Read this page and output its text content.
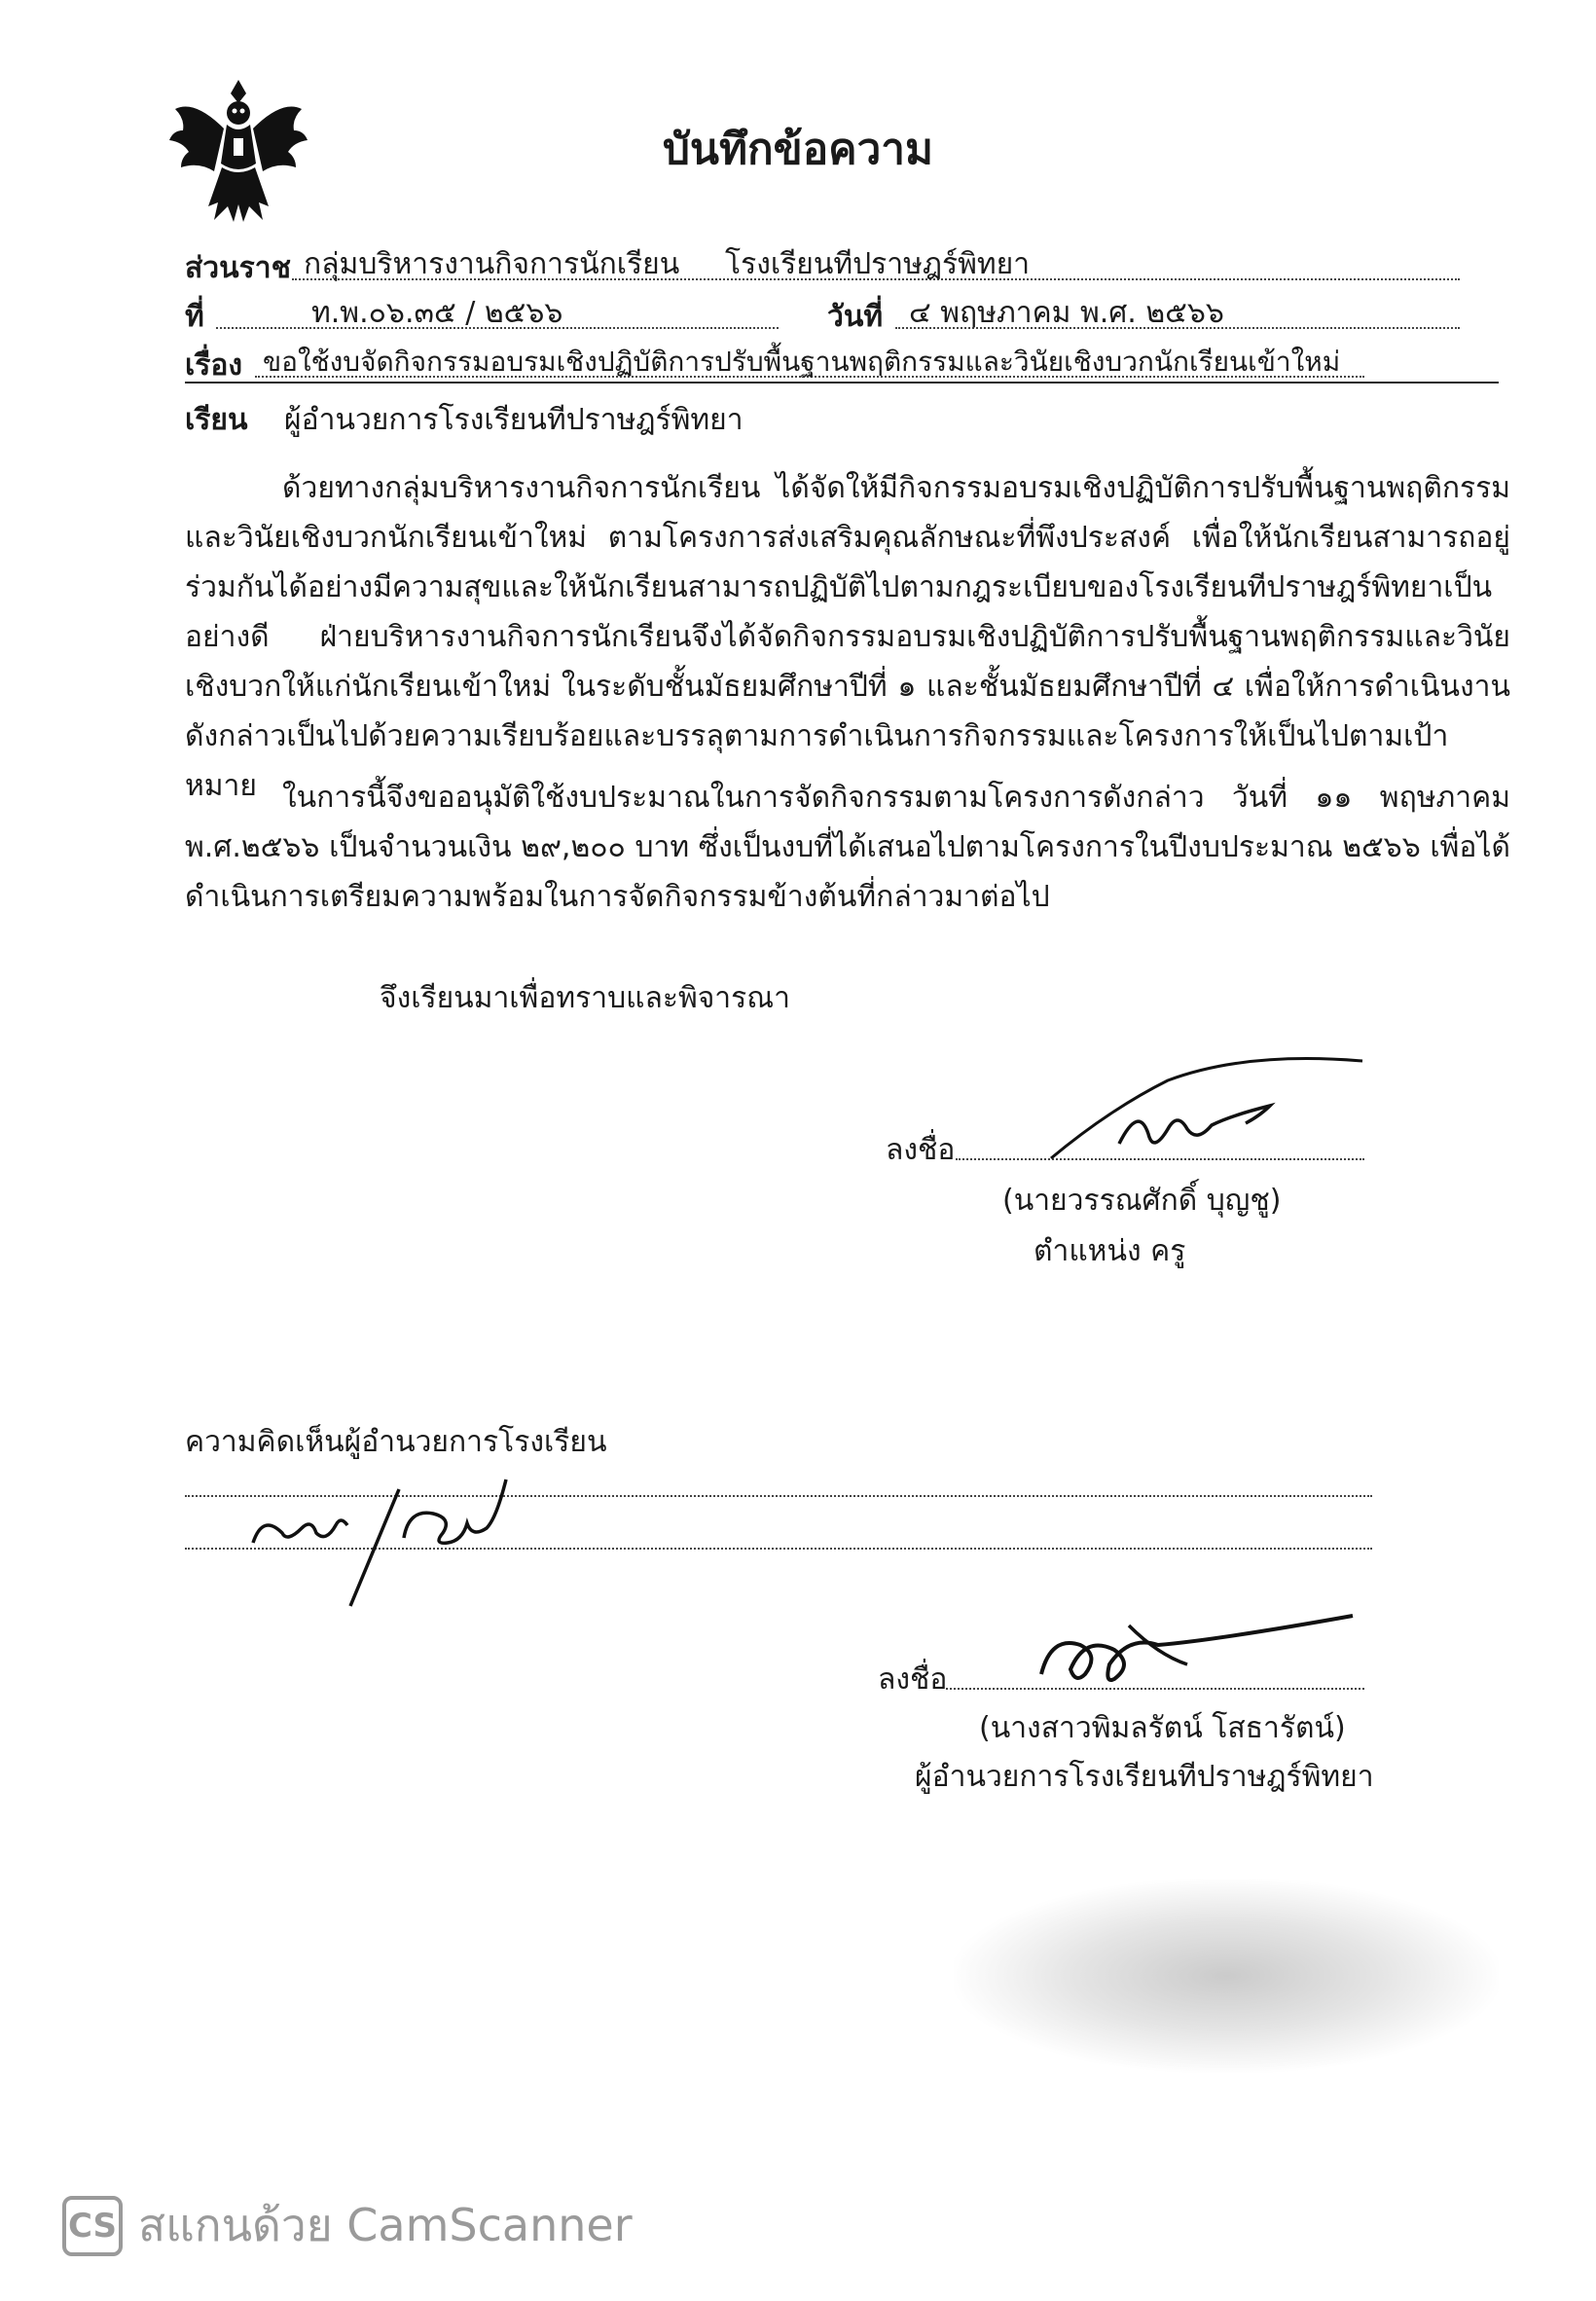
บันทึกข้อความ
ส่วนราช กลุ่มบริหารงานกิจการนักเรียน โรงเรียนทีปราษฎร์พิทยา
ที่	ท.พ.๐๖.๓๕ / ๒๕๖๖	วันที่ ๔ พฤษภาคม พ.ศ. ๒๕๖๖
เรื่อง ขอใช้งบจัดกิจกรรมอบรมเชิงปฏิบัติการปรับพื้นฐานพฤติกรรมและวินัยเชิงบวกนักเรียนเข้าใหม่
เรียน ผู้อำนวยการโรงเรียนทีปราษฎร์พิทยา
ด้วยทางกลุ่มบริหารงานกิจการนักเรียน ได้จัดให้มีกิจกรรมอบรมเชิงปฏิบัติการปรับพื้นฐานพฤติกรรมและวินัยเชิงบวกนักเรียนเข้าใหม่ ตามโครงการส่งเสริมคุณลักษณะที่พึงประสงค์ เพื่อให้นักเรียนสามารถอยู่ร่วมกันได้อย่างมีความสุขและให้นักเรียนสามารถปฏิบัติไปตามกฎระเบียบของโรงเรียนทีปราษฎร์พิทยาเป็นอย่างดี ฝ่ายบริหารงานกิจการนักเรียนจึงได้จัดกิจกรรมอบรมเชิงปฏิบัติการปรับพื้นฐานพฤติกรรมและวินัยเชิงบวกให้แก่นักเรียนเข้าใหม่ ในระดับชั้นมัธยมศึกษาปีที่ ๑ และชั้นมัธยมศึกษาปีที่ ๔ เพื่อให้การดำเนินงานดังกล่าวเป็นไปด้วยความเรียบร้อยและบรรลุตามการดำเนินการกิจกรรมและโครงการให้เป็นไปตามเป้าหมาย ในการนี้จึงขออนุมัติใช้งบประมาณในการจัดกิจกรรมตามโครงการดังกล่าว วันที่ ๑๑ พฤษภาคม พ.ศ.๒๕๖๖ เป็นจำนวนเงิน ๒๙,๒๐๐ บาท ซึ่งเป็นงบที่ได้เสนอไปตามโครงการในปีงบประมาณ ๒๕๖๖ เพื่อได้ดำเนินการเตรียมความพร้อมในการจัดกิจกรรมข้างต้นที่กล่าวมาต่อไป
จึงเรียนมาเพื่อทราบและพิจารณา
ลงชื่อ
(นายวรรณศักดิ์ บุญชู)
ตำแหน่ง ครู
ความคิดเห็นผู้อำนวยการโรงเรียน
ลงชื่อ
(นางสาวพิมลรัตน์ โสธารัตน์)
ผู้อำนวยการโรงเรียนทีปราษฎร์พิทยา
CS สแกนด้วย CamScanner
